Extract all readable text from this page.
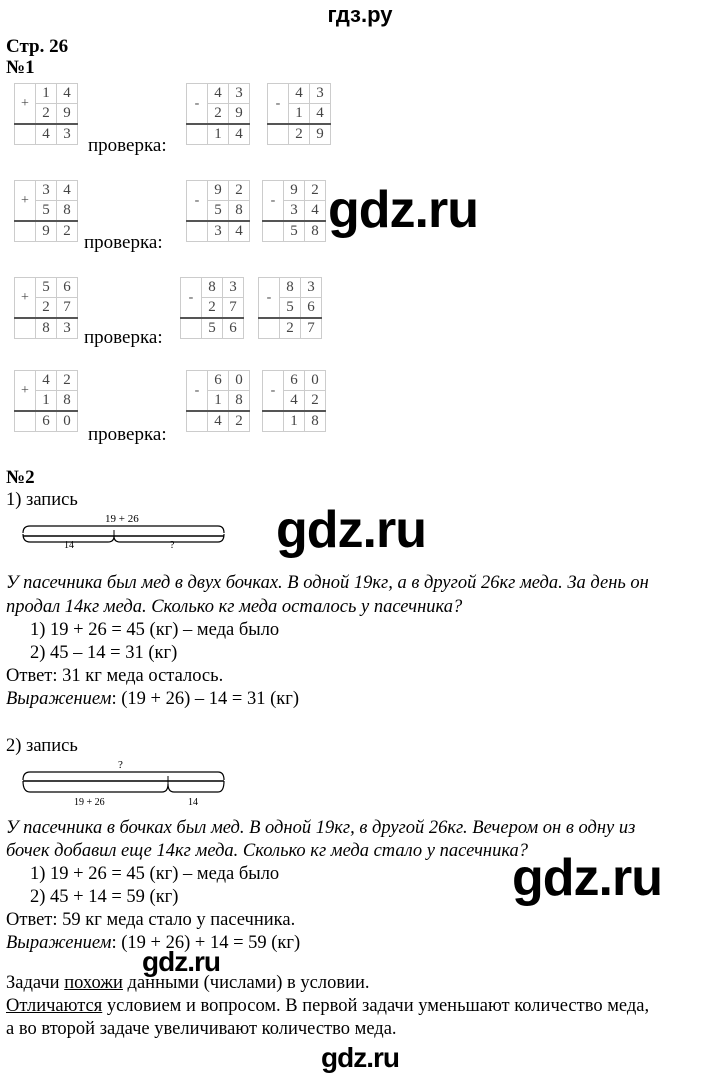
гдз.ру
Стр. 26
№1
+	1	4
	2	9
	4	3
-	4	3
	2	9
	1	4
-	4	3
	1	4
	2	9
проверка:
+	3	4
	5	8
	9	2
-	9	2
	5	8
	3	4
-	9	2
	3	4
	5	8
проверка:
+	5	6
	2	7
	8	3
-	8	3
	2	7
	5	6
-	8	3
	5	6
	2	7
проверка:
+	4	2
	1	8
	6	0
-	6	0
	1	8
	4	2
-	6	0
	4	2
	1	8
проверка:
gdz.ru
№2
1) запись
gdz.ru
19 + 26
14	?
У пасечника был мед в двух бочках. В одной 19кг, а в другой 26кг меда. За день он
продал 14кг меда. Сколько кг меда осталось у пасечника?
1) 19 + 26 = 45 (кг) – меда было
2) 45 – 14 = 31 (кг)
Ответ: 31 кг меда осталось.
Выражением: (19 + 26) – 14 = 31 (кг)
2) запись
?
19 + 26	14
У пасечника в бочках был мед. В одной 19кг, в другой 26кг. Вечером он в одну из
бочек добавил еще 14кг меда. Сколько кг меда стало у пасечника?
1) 19 + 26 = 45 (кг) – меда было
2) 45 + 14 = 59 (кг)
Ответ: 59 кг меда стало у пасечника.
Выражением: (19 + 26) + 14 = 59 (кг)
gdz.ru
gdz.ru
Задачи похожи данными (числами) в условии.
Отличаются условием и вопросом. В первой задачи уменьшают количество меда,
а во второй задаче увеличивают количество меда.
gdz.ru
